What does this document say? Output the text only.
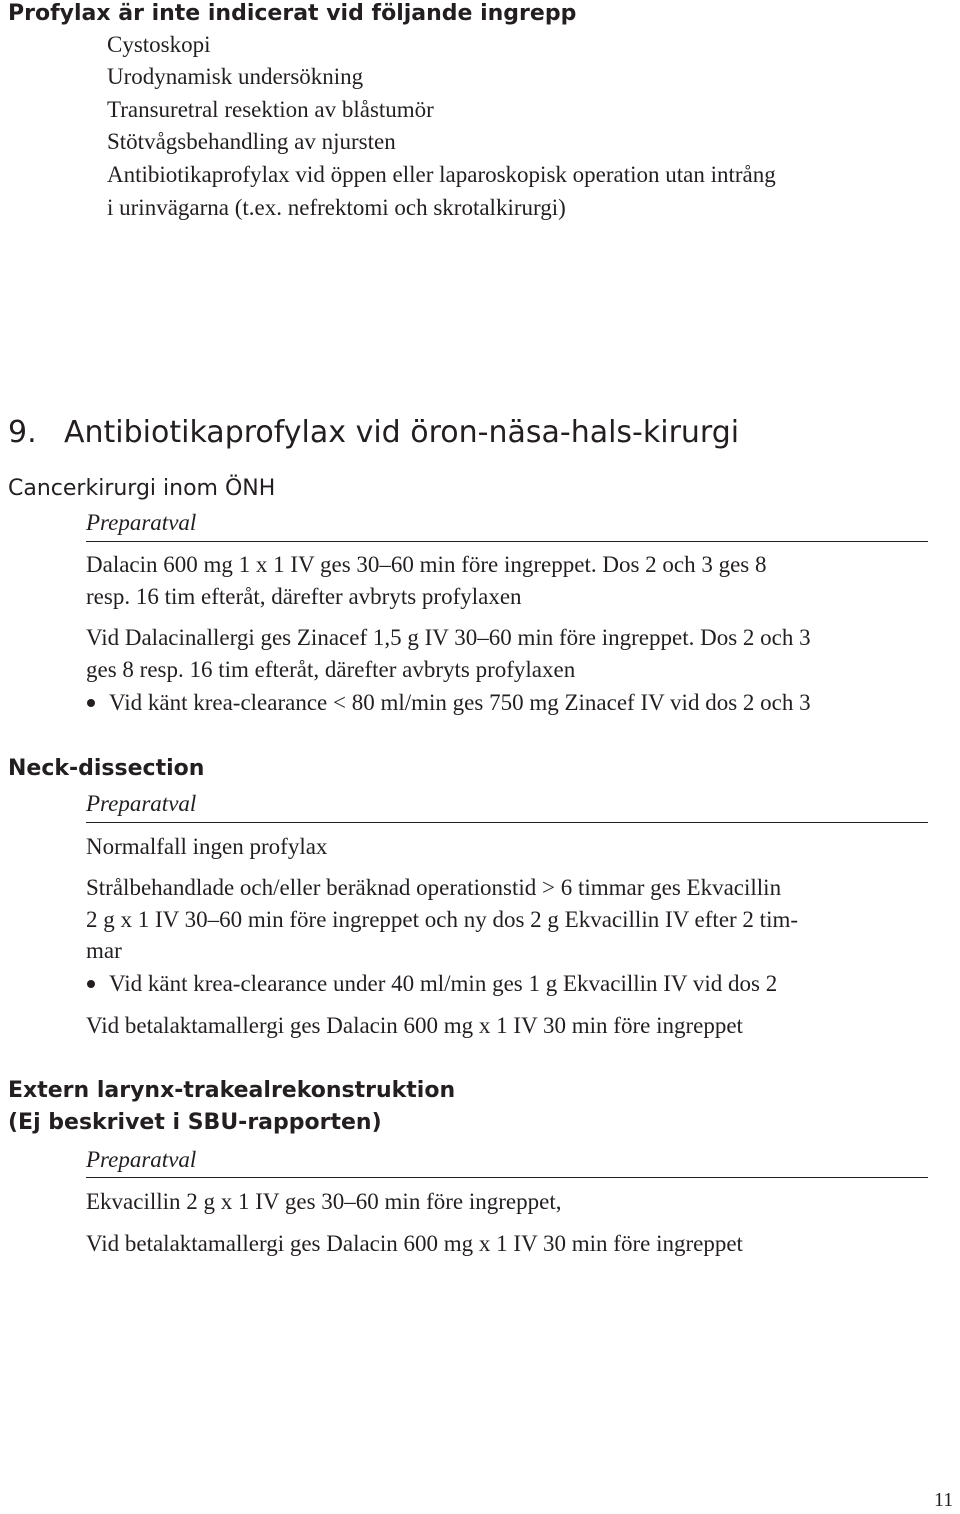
Profylax är inte indicerat vid följande ingrepp
Cystoskopi
Urodynamisk undersökning
Transuretral resektion av blåstumör
Stötvågsbehandling av njursten
Antibiotikaprofylax vid öppen eller laparoskopisk operation utan intrång
i urinvägarna (t.ex. nefrektomi och skrotalkirurgi)
9. Antibiotikaprofylax vid öron-näsa-hals-kirurgi
Cancerkirurgi inom ÖNH
Preparatval
Dalacin 600 mg 1 x 1 IV ges 30–60 min före ingreppet. Dos 2 och 3 ges 8
resp. 16 tim efteråt, därefter avbryts profylaxen
Vid Dalacinallergi ges Zinacef 1,5 g IV 30–60 min före ingreppet. Dos 2 och 3
ges 8 resp. 16 tim efteråt, därefter avbryts profylaxen
Vid känt krea-clearance < 80 ml/min ges 750 mg Zinacef IV vid dos 2 och 3
Neck-dissection
Preparatval
Normalfall ingen profylax
Strålbehandlade och/eller beräknad operationstid > 6 timmar ges Ekvacillin
2 g x 1 IV 30–60 min före ingreppet och ny dos 2 g Ekvacillin IV efter 2 tim-
mar
Vid känt krea-clearance under 40 ml/min ges 1 g Ekvacillin IV vid dos 2
Vid betalaktamallergi ges Dalacin 600 mg x 1 IV 30 min före ingreppet
Extern larynx-trakealrekonstruktion
(Ej beskrivet i SBU-rapporten)
Preparatval
Ekvacillin 2 g x 1 IV ges 30–60 min före ingreppet,
Vid betalaktamallergi ges Dalacin 600 mg x 1 IV 30 min före ingreppet
11
